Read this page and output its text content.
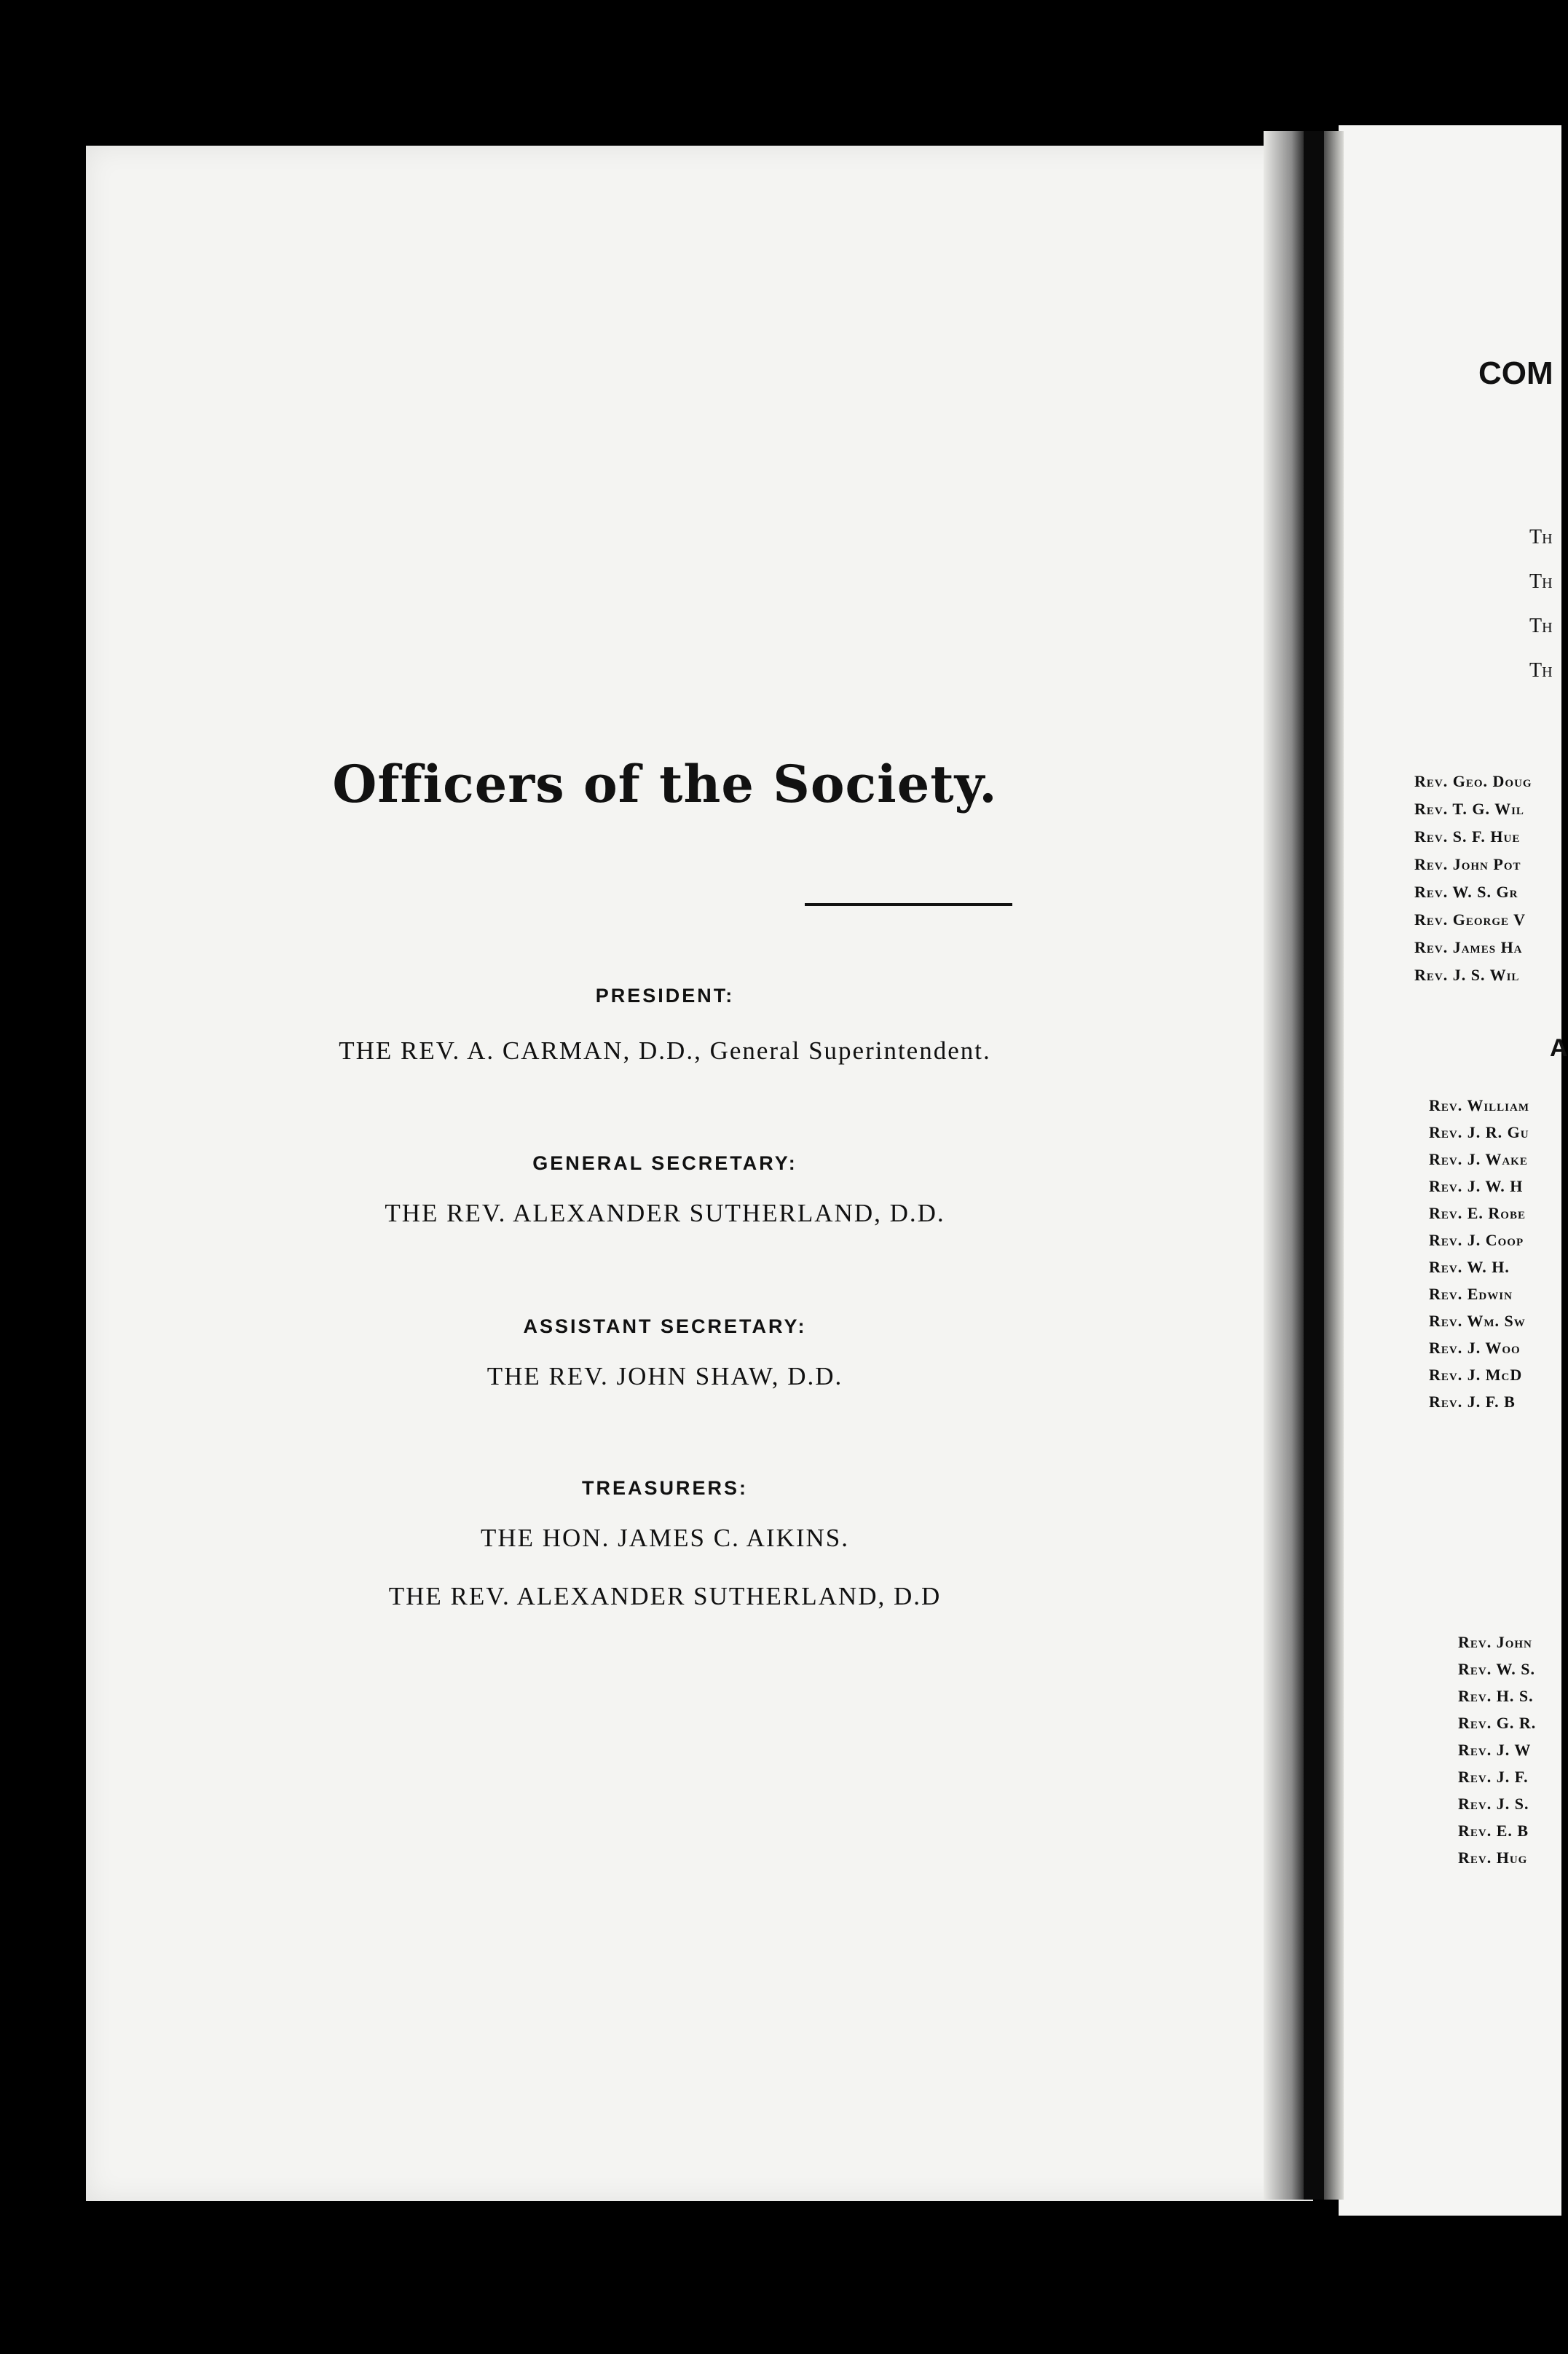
Officers of the Society.
PRESIDENT:
THE REV. A. CARMAN, D.D., General Superintendent.
GENERAL SECRETARY:
THE REV. ALEXANDER SUTHERLAND, D.D.
ASSISTANT SECRETARY:
THE REV. JOHN SHAW, D.D.
TREASURERS:
THE HON. JAMES C. AIKINS.
THE REV. ALEXANDER SUTHERLAND, D.D
COM
Th
Th
Th
Th
Rev. Geo. Doug
Rev. T. G. Wil
Rev. S. F. Hue
Rev. John Pot
Rev. W. S. Gr
Rev. George V
Rev. James Ha
Rev. J. S. Wil
A
Rev. William
Rev. J. R. Gu
Rev. J. Wake
Rev. J. W. H
Rev. E. Robe
Rev. J. Coop
Rev. W. H.
Rev. Edwin
Rev. Wm. Sw
Rev. J. Woo
Rev. J. McD
Rev. J. F. B
Rev. John
Rev. W. S.
Rev. H. S.
Rev. G. R.
Rev. J. W
Rev. J. F.
Rev. J. S.
Rev. E. B
Rev. Hug
